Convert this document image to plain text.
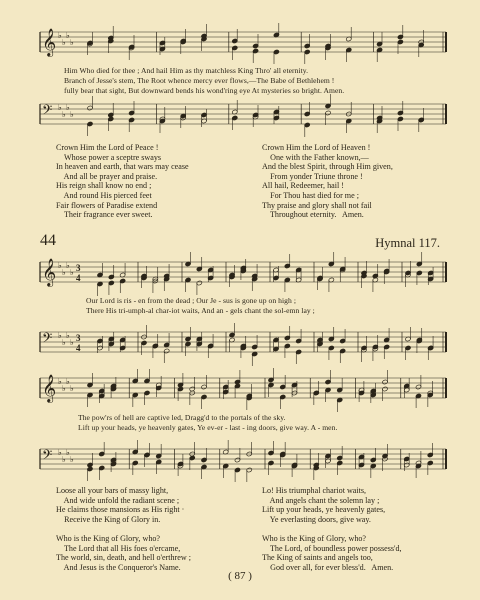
𝄞 ♭
♭
♭
♭
Him Who died for thee ; And hail Him as thy matchless King Thro' all eternity.
Branch of Jesse's stem, The Root whence mercy ever flows,—The Babe of Bethlehem !
fully bear that sight, But downward bends his wond'ring eye At mysteries so bright. Amen.
𝄢 ♭
♭
♭
♭
Crown Him the Lord of Peace !
Whose power a sceptre sways
In heaven and earth, that wars may cease
And all be prayer and praise.
His reign shall know no end ;
And round His pierced feet
Fair flowers of Paradise extend
Their fragrance ever sweet.
Crown Him the Lord of Heaven !
One with the Father known,—
And the blest Spirit, through Him given,
From yonder Triune throne !
All hail, Redeemer, hail !
For Thou hast died for me ;
Thy praise and glory shall not fail
Throughout eternity.   Amen.
44	Hymnal 117.
𝄞 ♭
♭
♭
♭ 3
4
Our Lord is ris - en from the dead ; Our Je - sus is gone up on high ;
There His tri-umph-al char-iot waits, And an - gels chant the sol-emn lay ;
𝄢 ♭
♭
♭
♭ 3
4
𝄞 ♭
♭
♭
♭
The pow'rs of hell are captive led, Dragg'd to the portals of the sky.
Lift up your heads, ye heavenly gates, Ye ev-er - last - ing doors, give way. A - men.
𝄢 ♭
♭
♭
♭
Loose all your bars of massy light,
And wide unfold the radiant scene ;
He claims those mansions as His right ·
Receive the King of Glory in.

Who is the King of Glory, who?
The Lord that all His foes o'ercame,
The world, sin, death, and hell o'erthrew ;
And Jesus is the Conqueror's Name.
Lo! His triumphal chariot waits,
And angels chant the solemn lay ;
Lift up your heads, ye heavenly gates,
Ye everlasting doors, give way.

Who is the King of Glory, who?
The Lord, of boundless power possess'd,
The King of saints and angels too,
God over all, for ever bless'd.   Amen.
( 87 )
